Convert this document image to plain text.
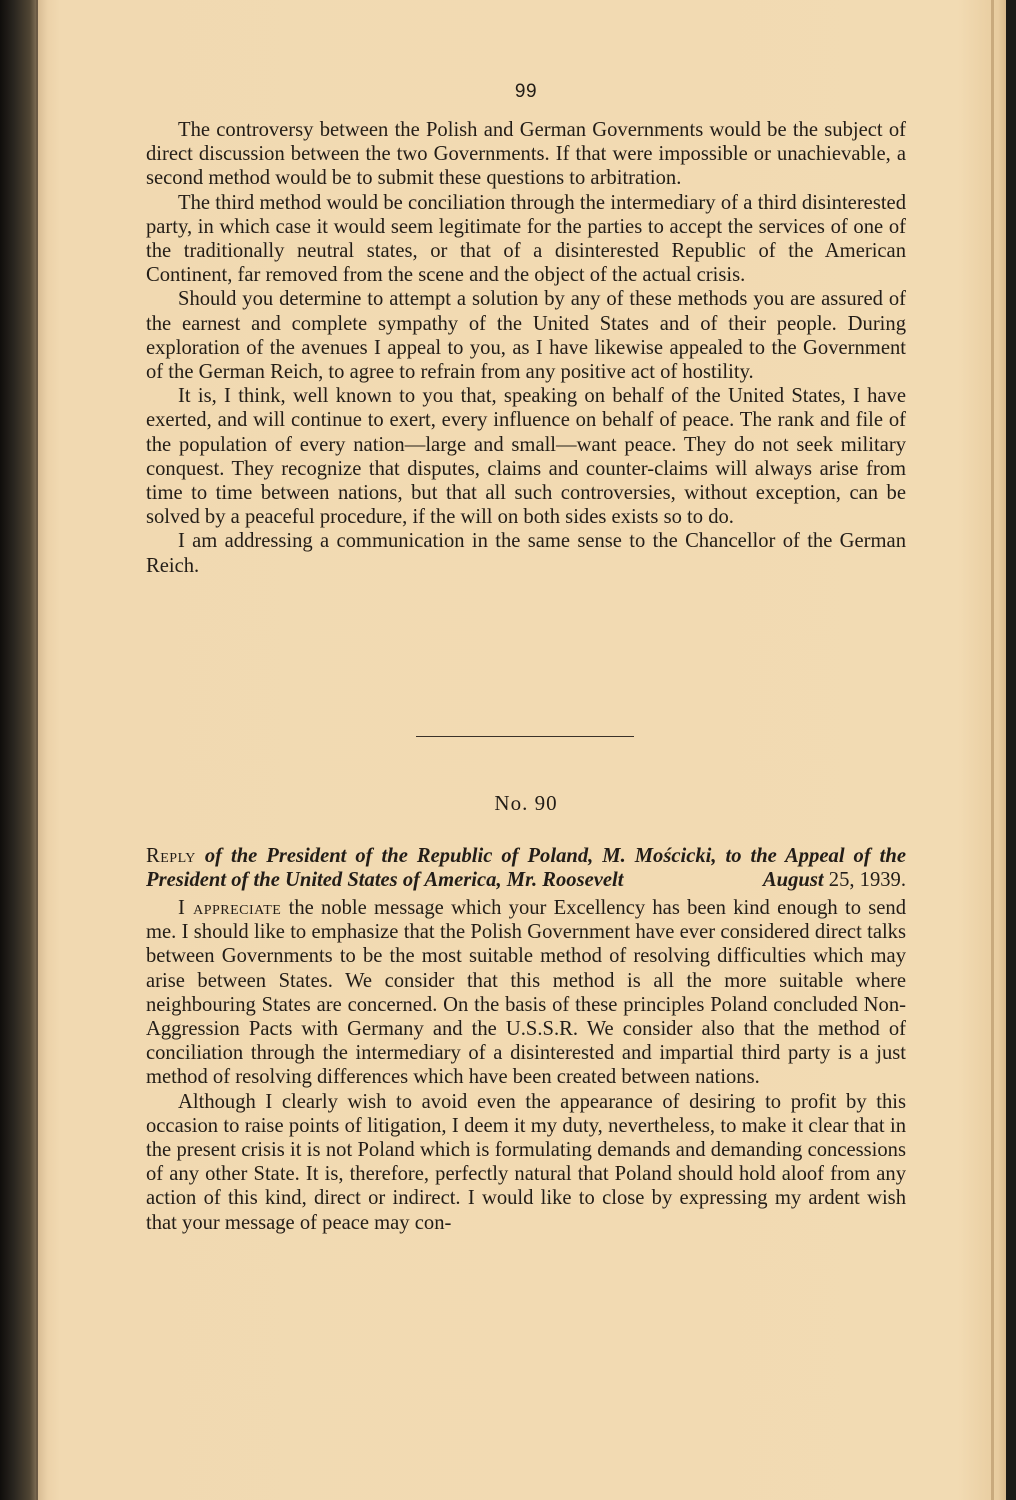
99

The controversy between the Polish and German Governments would be the subject of direct discussion between the two Governments. If that were impossible or unachievable, a second method would be to submit these questions to arbitration.

The third method would be conciliation through the intermediary of a third disinterested party, in which case it would seem legitimate for the parties to accept the services of one of the traditionally neutral states, or that of a disinterested Republic of the American Continent, far removed from the scene and the object of the actual crisis.

Should you determine to attempt a solution by any of these methods you are assured of the earnest and complete sympathy of the United States and of their people. During exploration of the avenues I appeal to you, as I have likewise appealed to the Government of the German Reich, to agree to refrain from any positive act of hostility.

It is, I think, well known to you that, speaking on behalf of the United States, I have exerted, and will continue to exert, every influence on behalf of peace. The rank and file of the population of every nation—large and small—want peace. They do not seek military conquest. They recognize that disputes, claims and counter-claims will always arise from time to time between nations, but that all such controversies, without exception, can be solved by a peaceful procedure, if the will on both sides exists so to do.

I am addressing a communication in the same sense to the Chancellor of the German Reich.

No. 90
Reply of the President of the Republic of Poland, M. Mościcki, to the Appeal of the President of the United States of America, Mr. Roosevelt	August 25, 1939.

I appreciate the noble message which your Excellency has been kind enough to send me. I should like to emphasize that the Polish Government have ever considered direct talks between Governments to be the most suitable method of resolving difficulties which may arise between States. We consider that this method is all the more suitable where neighbouring States are concerned. On the basis of these principles Poland concluded Non-Aggression Pacts with Germany and the U.S.S.R. We consider also that the method of conciliation through the intermediary of a disinterested and impartial third party is a just method of resolving differences which have been created between nations.

Although I clearly wish to avoid even the appearance of desiring to profit by this occasion to raise points of litigation, I deem it my duty, nevertheless, to make it clear that in the present crisis it is not Poland which is formulating demands and demanding concessions of any other State. It is, therefore, perfectly natural that Poland should hold aloof from any action of this kind, direct or indirect. I would like to close by expressing my ardent wish that your message of peace may con-
